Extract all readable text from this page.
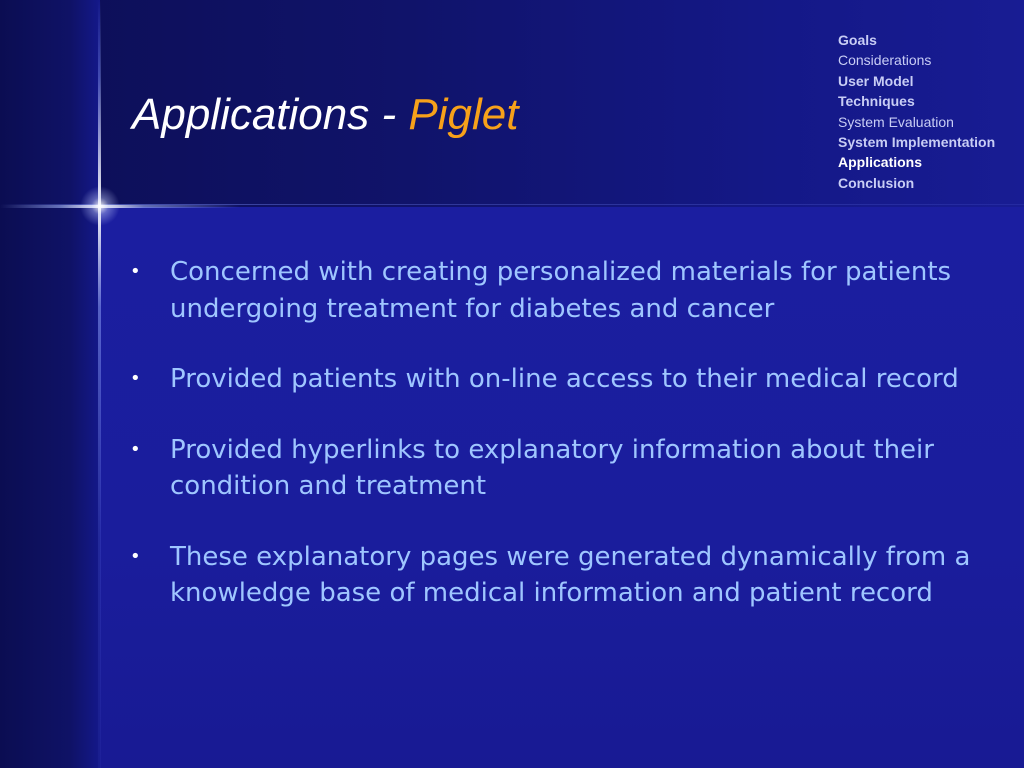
Applications - Piglet
Goals
Considerations
User Model
Techniques
System Evaluation
System Implementation
Applications
Conclusion
• Concerned with creating personalized materials for patients undergoing treatment for diabetes and cancer
• Provided patients with on-line access to their medical record
• Provided hyperlinks to explanatory information about their condition and treatment
• These explanatory pages were generated dynamically from a knowledge base of medical information and patient record
